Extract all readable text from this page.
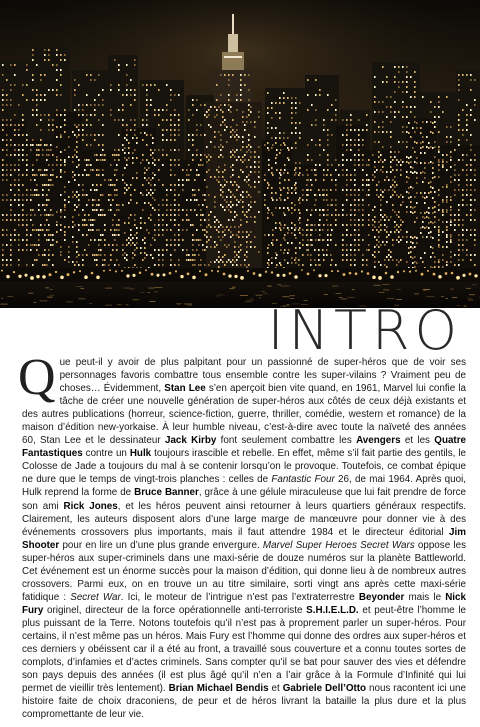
INTRO

Que peut-il y avoir de plus palpitant pour un passionné de super-héros que de voir ses personnages favoris combattre tous ensemble contre les super-vilains ? Vraiment peu de choses… Évidemment, Stan Lee s’en aperçoit bien vite quand, en 1961, Marvel lui confie la tâche de créer une nouvelle génération de super-héros aux côtés de ceux déjà existants et des autres publications (horreur, science-fiction, guerre, thriller, comédie, western et romance) de la maison d’édition new-yorkaise. À leur humble niveau, c’est-à-dire avec toute la naïveté des années 60, Stan Lee et le dessinateur Jack Kirby font seulement combattre les Avengers et les Quatre Fantastiques contre un Hulk toujours irascible et rebelle. En effet, même s’il fait partie des gentils, le Colosse de Jade a toujours du mal à se contenir lorsqu’on le provoque. Toutefois, ce combat épique ne dure que le temps de vingt-trois planches : celles de Fantastic Four 26, de mai 1964. Après quoi, Hulk reprend la forme de Bruce Banner, grâce à une gélule miraculeuse que lui fait prendre de force son ami Rick Jones, et les héros peuvent ainsi retourner à leurs quartiers généraux respectifs. Clairement, les auteurs disposent alors d’une large marge de manœuvre pour donner vie à des événements crossovers plus importants, mais il faut attendre 1984 et le directeur éditorial Jim Shooter pour en lire un d’une plus grande envergure. Marvel Super Heroes Secret Wars oppose les super-héros aux super-criminels dans une maxi-série de douze numéros sur la planète Battleworld. Cet événement est un énorme succès pour la maison d’édition, qui donne lieu à de nombreux autres crossovers. Parmi eux, on en trouve un au titre similaire, sorti vingt ans après cette maxi-série fatidique : Secret War. Ici, le moteur de l’intrigue n’est pas l’extraterrestre Beyonder mais le Nick Fury originel, directeur de la force opérationnelle anti-terroriste S.H.I.E.L.D. et peut-être l’homme le plus puissant de la Terre. Notons toutefois qu’il n’est pas à proprement parler un super-héros. Pour certains, il n’est même pas un héros. Mais Fury est l’homme qui donne des ordres aux super-héros et ces derniers y obéissent car il a été au front, a travaillé sous couverture et a connu toutes sortes de complots, d’infamies et d’actes criminels. Sans compter qu’il se bat pour sauver des vies et défendre son pays depuis des années (il est plus âgé qu’il n’en a l’air grâce à la Formule d’Infinité qui lui permet de vieillir très lentement). Brian Michael Bendis et Gabriele Dell’Otto nous racontent ici une histoire faite de choix draconiens, de peur et de héros livrant la bataille la plus dure et la plus compromettante de leur vie.
